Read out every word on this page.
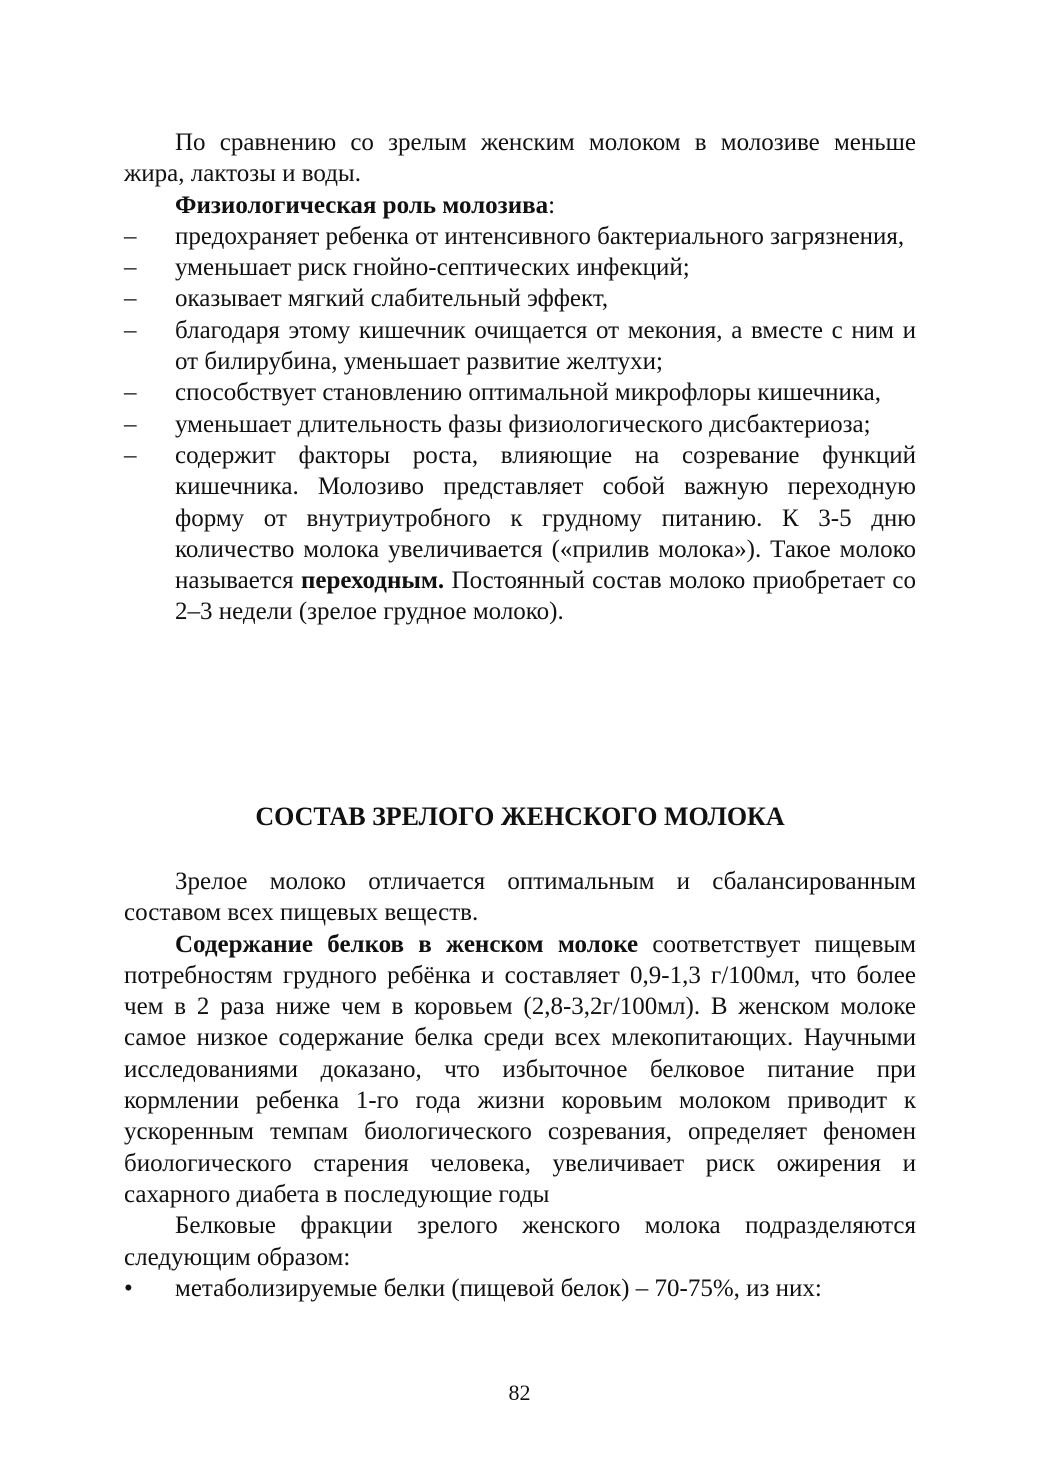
По сравнению со зрелым женским молоком в молозиве меньше жира, лактозы и воды.

Физиологическая роль молозива:

– предохраняет ребенка от интенсивного бактериального загрязнения,
– уменьшает риск гнойно-септических инфекций;
– оказывает мягкий слабительный эффект,
– благодаря этому кишечник очищается от мекония, а вместе с ним и от билирубина, уменьшает развитие желтухи;
– способствует становлению оптимальной микрофлоры кишечника,
– уменьшает длительность фазы физиологического дисбактериоза;
– содержит факторы роста, влияющие на созревание функций кишечника. Молозиво представляет собой важную переходную форму от внутриутробного к грудному питанию. К 3-5 дню количество молока увеличивается («прилив молока»). Такое молоко называется переходным. Постоянный состав молоко приобретает со 2–3 недели (зрелое грудное молоко).
СОСТАВ ЗРЕЛОГО ЖЕНСКОГО МОЛОКА

Зрелое молоко отличается оптимальным и сбалансированным составом всех пищевых веществ.

Содержание белков в женском молоке соответствует пищевым потребностям грудного ребёнка и составляет 0,9-1,3 г/100мл, что более чем в 2 раза ниже чем в коровьем (2,8-3,2г/100мл). В женском молоке самое низкое содержание белка среди всех млекопитающих. Научными исследованиями доказано, что избыточное белковое питание при кормлении ребенка 1-го года жизни коровьим молоком приводит к ускоренным темпам биологического созревания, определяет феномен биологического старения человека, увеличивает риск ожирения и сахарного диабета в последующие годы

Белковые фракции зрелого женского молока подразделяются следующим образом:

• метаболизируемые белки (пищевой белок) – 70-75%, из них:
82
